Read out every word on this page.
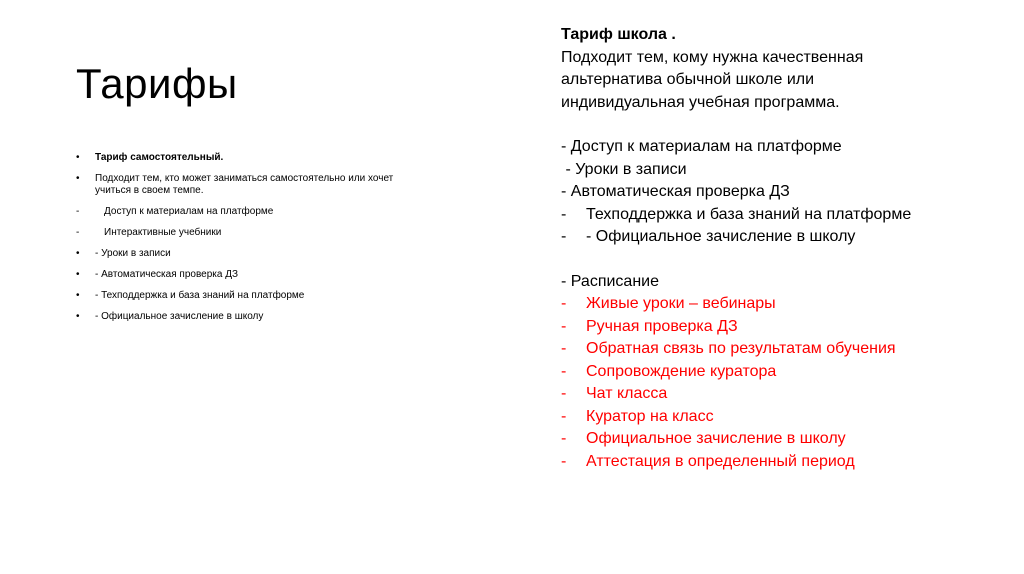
Тарифы
•	Тариф самостоятельный.
•	Подходит тем, кто может заниматься самостоятельно или хочет учиться в своем темпе.
-	Доступ к материалам на платформе
-	Интерактивные учебники
•	- Уроки в записи
•	- Автоматическая проверка ДЗ
•	- Техподдержка и база знаний на платформе
•	- Официальное зачисление в школу
Тариф школа .
Подходит тем, кому нужна качественная
альтернатива обычной школе или
индивидуальная учебная программа.
- Доступ к материалам на платформе
- Уроки в записи
- Автоматическая проверка ДЗ
-	Техподдержка и база знаний на платформе
-	- Официальное зачисление в школу
- Расписание
-	Живые уроки – вебинары
-	Ручная проверка ДЗ
-	Обратная связь по результатам обучения
-	Сопровождение куратора
-	Чат класса
-	Куратор на класс
-	Официальное зачисление в школу
-	Аттестация в определенный период
